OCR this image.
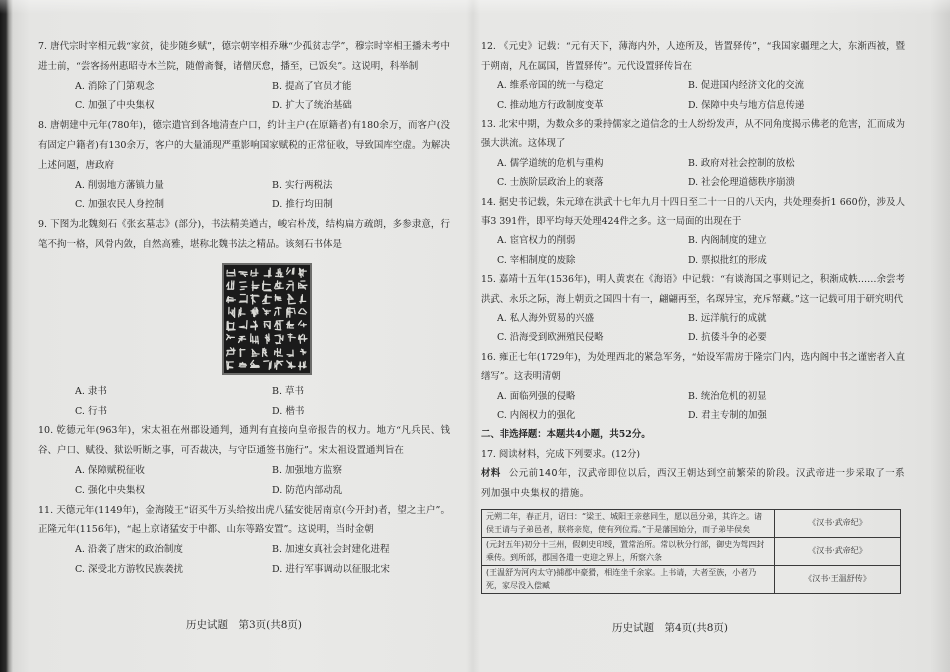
7. 唐代宗时宰相元载“家贫，徒步随乡赋”，德宗朝宰相乔琳“少孤贫志学”，穆宗时宰相王播未考中进士前，“尝客扬州惠昭寺木兰院，随僧斋餐，诸僧厌怠，播至，已饭矣”。这说明，科举制

A. 消除了门第观念	B. 提高了官员才能
C. 加强了中央集权	D. 扩大了统治基础

8. 唐朝建中元年(780年)，德宗遣官到各地清查户口，约计主户(在原籍者)有180余万，而客户(没有固定户籍者)有130余万，客户的大量涌现严重影响国家赋税的正常征收，导致国库空虚。为解决上述问题，唐政府

A. 削弱地方藩镇力量	B. 实行两税法
C. 加强农民人身控制	D. 推行均田制

9. 下图为北魏刻石《张玄墓志》(部分)，书法精美遒古，峻宕朴茂，结构扁方疏朗，多参隶意，行笔不拘一格，风骨内敛，自然高雅，堪称北魏书法之精品。该刻石书体是

A. 隶书	B. 草书
C. 行书	D. 楷书

10. 乾德元年(963年)，宋太祖在州郡设通判，通判有直接向皇帝报告的权力。地方“凡兵民、钱谷、户口、赋役、狱讼听断之事，可否裁决，与守臣通签书施行”。宋太祖设置通判旨在

A. 保障赋税征收	B. 加强地方监察
C. 强化中央集权	D. 防范内部动乱

11. 天德元年(1149年)，金海陵王“诏买牛万头给按出虎八猛安徙居南京(今开封)者，望之主户”。正隆元年(1156年)，“起上京诸猛安于中都、山东等路安置”。这说明，当时金朝

A. 沿袭了唐宋的政治制度	B. 加速女真社会封建化进程
C. 深受北方游牧民族袭扰	D. 进行军事调动以征服北宋
历史试题　第3页(共8页)

12. 《元史》记载：“元有天下，薄海内外，人迹所及，皆置驿传”，“我国家疆理之大，东渐西被，暨于朔南，凡在属国，皆置驿传”。元代设置驿传旨在

A. 维系帝国的统一与稳定	B. 促进国内经济文化的交流
C. 推动地方行政制度变革	D. 保障中央与地方信息传递

13. 北宋中期，为数众多的秉持儒家之道信念的士人纷纷发声，从不同角度揭示佛老的危害，汇而成为强大洪流。这体现了

A. 儒学道统的危机与重构	B. 政府对社会控制的放松
C. 士族阶层政治上的衰落	D. 社会伦理道德秩序崩溃

14. 据史书记载，朱元璋在洪武十七年九月十四日至二十一日的八天内，共处理奏折1 660份，涉及人事3 391件，即平均每天处理424件之多。这一局面的出现在于

A. 宦官权力的削弱	B. 内阁制度的建立
C. 宰相制度的废除	D. 票拟批红的形成

15. 嘉靖十五年(1536年)，明人黄衷在《海语》中记载：“有谈海国之事则记之，积渐成帙……余尝考洪武、永乐之际，海上朝贡之国四十有一，翩翩再至，名琛异宝，充斥帑藏。”这一记载可用于研究明代

A. 私人海外贸易的兴盛	B. 远洋航行的成就
C. 沿海受到欧洲殖民侵略	D. 抗倭斗争的必要

16. 雍正七年(1729年)，为处理西北的紧急军务，“始设军需房于隆宗门内，选内阁中书之谨密者入直缮写”。这表明清朝

A. 面临列强的侵略	B. 统治危机的初显
C. 内阁权力的强化	D. 君主专制的加强

二、非选择题：本题共4小题，共52分。

17. 阅读材料，完成下列要求。(12分)

材料 公元前140年，汉武帝即位以后，西汉王朝达到空前繁荣的阶段。汉武帝进一步采取了一系列加强中央集权的措施。

元朔二年，春正月，诏曰：“梁王、城阳王亲慈同生，愿以邑分弟，其许之。诸侯王请与子弟邑者，朕将亲览，使有列位焉。”于是藩国始分，而子弟毕侯矣	《汉书·武帝纪》
(元封五年)初分十三州，假刺史印绶，置常治所。常以秋分行部，御史为驾四封乘传。到所部，郡国各遣一吏迎之界上，所察六条	《汉书·武帝纪》
(王温舒为河内太守)捕郡中豪猾，相连坐千余家。上书请，大者至族，小者乃死，家尽没入偿臧	《汉书·王温舒传》
历史试题　第4页(共8页)
